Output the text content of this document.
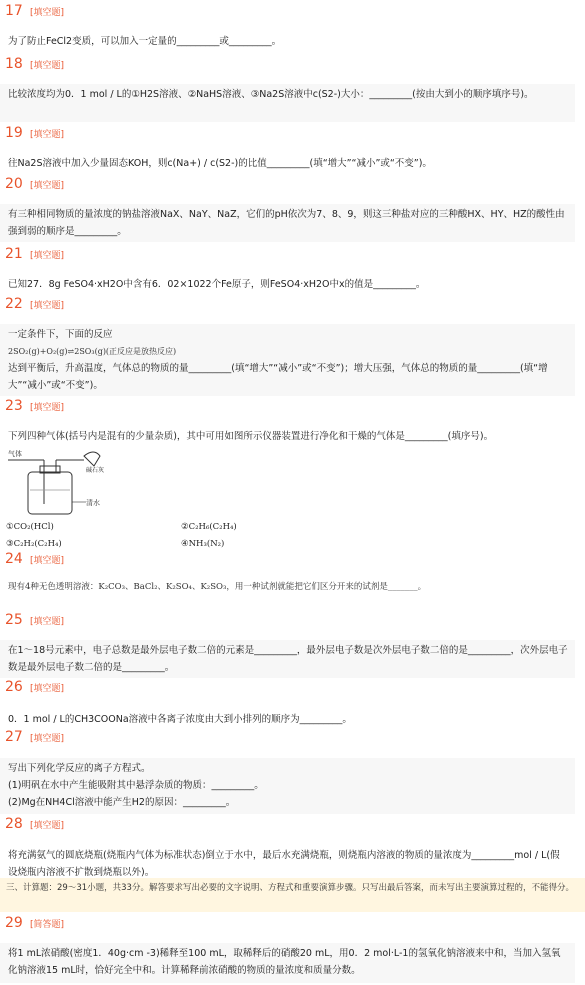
17 [填空题]
为了防止FeCl2变质，可以加入一定量的_________或_________。
18 [填空题]
比较浓度均为0．1 mol / L的①H2S溶液、②NaHS溶液、③Na2S溶液中c(S2-)大小：_________(按由大到小的顺序填序号)。
19 [填空题]
往Na2S溶液中加入少量固态KOH，则c(Na+) / c(S2-)的比值_________(填“增大”“减小”或“不变”)。
20 [填空题]
有三种相同物质的量浓度的钠盐溶液NaX、NaY、NaZ，它们的pH依次为7、8、9，则这三种盐对应的三种酸HX、HY、HZ的酸性由强到弱的顺序是_________。
21 [填空题]
已知27．8g FeSO4·xH2O中含有6．02×1022个Fe原子，则FeSO4·xH2O中x的值是_________。
22 [填空题]
一定条件下，下面的反应
2SO₂(g)+O₂(g)⇌2SO₃(g)(正反应是放热反应)
达到平衡后，升高温度，气体总的物质的量_________(填“增大”“减小”或“不变”)；增大压强，气体总的物质的量_________(填“增大”“减小”或“不变”)。
23 [填空题]
下列四种气体(括号内是混有的少量杂质)，其中可用如图所示仪器装置进行净化和干燥的气体是_________(填序号)。
气体
清水
碱石灰
①CO₂(HCl)	②C₂H₆(C₂H₄)
③C₂H₂(C₂H₄)	④NH₃(N₂)
24 [填空题]
现有4种无色透明溶液：K₂CO₃、BaCl₂、K₂SO₄、K₂SO₃，用一种试剂就能把它们区分开来的试剂是_______。
25 [填空题]
在1～18号元素中，电子总数是最外层电子数二倍的元素是_________，最外层电子数是次外层电子数二倍的是_________，次外层电子数是最外层电子数二倍的是_________。
26 [填空题]
0．1 mol / L的CH3COONa溶液中各离子浓度由大到小排列的顺序为_________。
27 [填空题]
写出下列化学反应的离子方程式。
(1)明矾在水中产生能吸附其中悬浮杂质的物质：_________。
(2)Mg在NH4Cl溶液中能产生H2的原因：_________。
28 [填空题]
将充满氨气的圆底烧瓶(烧瓶内气体为标准状态)倒立于水中，最后水充满烧瓶，则烧瓶内溶液的物质的量浓度为_________mol / L(假设烧瓶内溶液不扩散到烧瓶以外)。
三、计算题：29～31小题，共33分。解答要求写出必要的文字说明、方程式和重要演算步骤。只写出最后答案，而未写出主要演算过程的，不能得分。
29 [简答题]
将1 mL浓硝酸(密度1．40g·cm -3)稀释至100 mL，取稀释后的硝酸20 mL，用0．2 mol·L-1的氢氧化钠溶液来中和，当加入氢氧化钠溶液15 mL时，恰好完全中和。计算稀释前浓硝酸的物质的量浓度和质量分数。
